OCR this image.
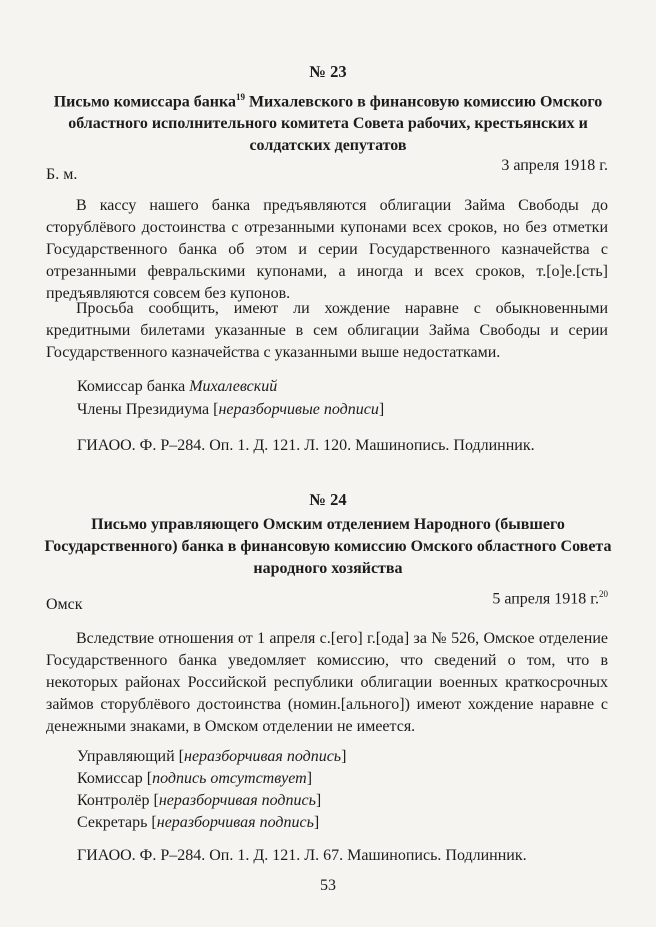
№ 23
Письмо комиссара банка$^{19}$ Михалевского в финансовую комиссию Омского областного исполнительного комитета Совета рабочих, крестьянских и солдатских депутатов
Б. м.
3 апреля 1918 г.
В кассу нашего банка предъявляются облигации Займа Свободы до сторублёвого достоинства с отрезанными купонами всех сроков, но без отметки Государственного банка об этом и серии Государственного казначейства с отрезанными февральскими купонами, а иногда и всех сроков, т.[о]е.[сть] предъявляются совсем без купонов.
Просьба сообщить, имеют ли хождение наравне с обыкновенными кредитными билетами указанные в сем облигации Займа Свободы и серии Государственного казначейства с указанными выше недостатками.
Комиссар банка Михалевский
Члены Президиума [неразборчивые подписи]
ГИАОО. Ф. Р–284. Оп. 1. Д. 121. Л. 120. Машинопись. Подлинник.
№ 24
Письмо управляющего Омским отделением Народного (бывшего Государственного) банка в финансовую комиссию Омского областного Совета народного хозяйства
Омск	5 апреля 1918 г.$^{20}$
Вследствие отношения от 1 апреля с.[его] г.[ода] за № 526, Омское отделение Государственного банка уведомляет комиссию, что сведений о том, что в некоторых районах Российской республики облигации военных краткосрочных займов сторублёвого достоинства (номин.[ального]) имеют хождение наравне с денежными знаками, в Омском отделении не имеется.
Управляющий [неразборчивая подпись]
Комиссар [подпись отсутствует]
Контролёр [неразборчивая подпись]
Секретарь [неразборчивая подпись]
ГИАОО. Ф. Р–284. Оп. 1. Д. 121. Л. 67. Машинопись. Подлинник.
53
